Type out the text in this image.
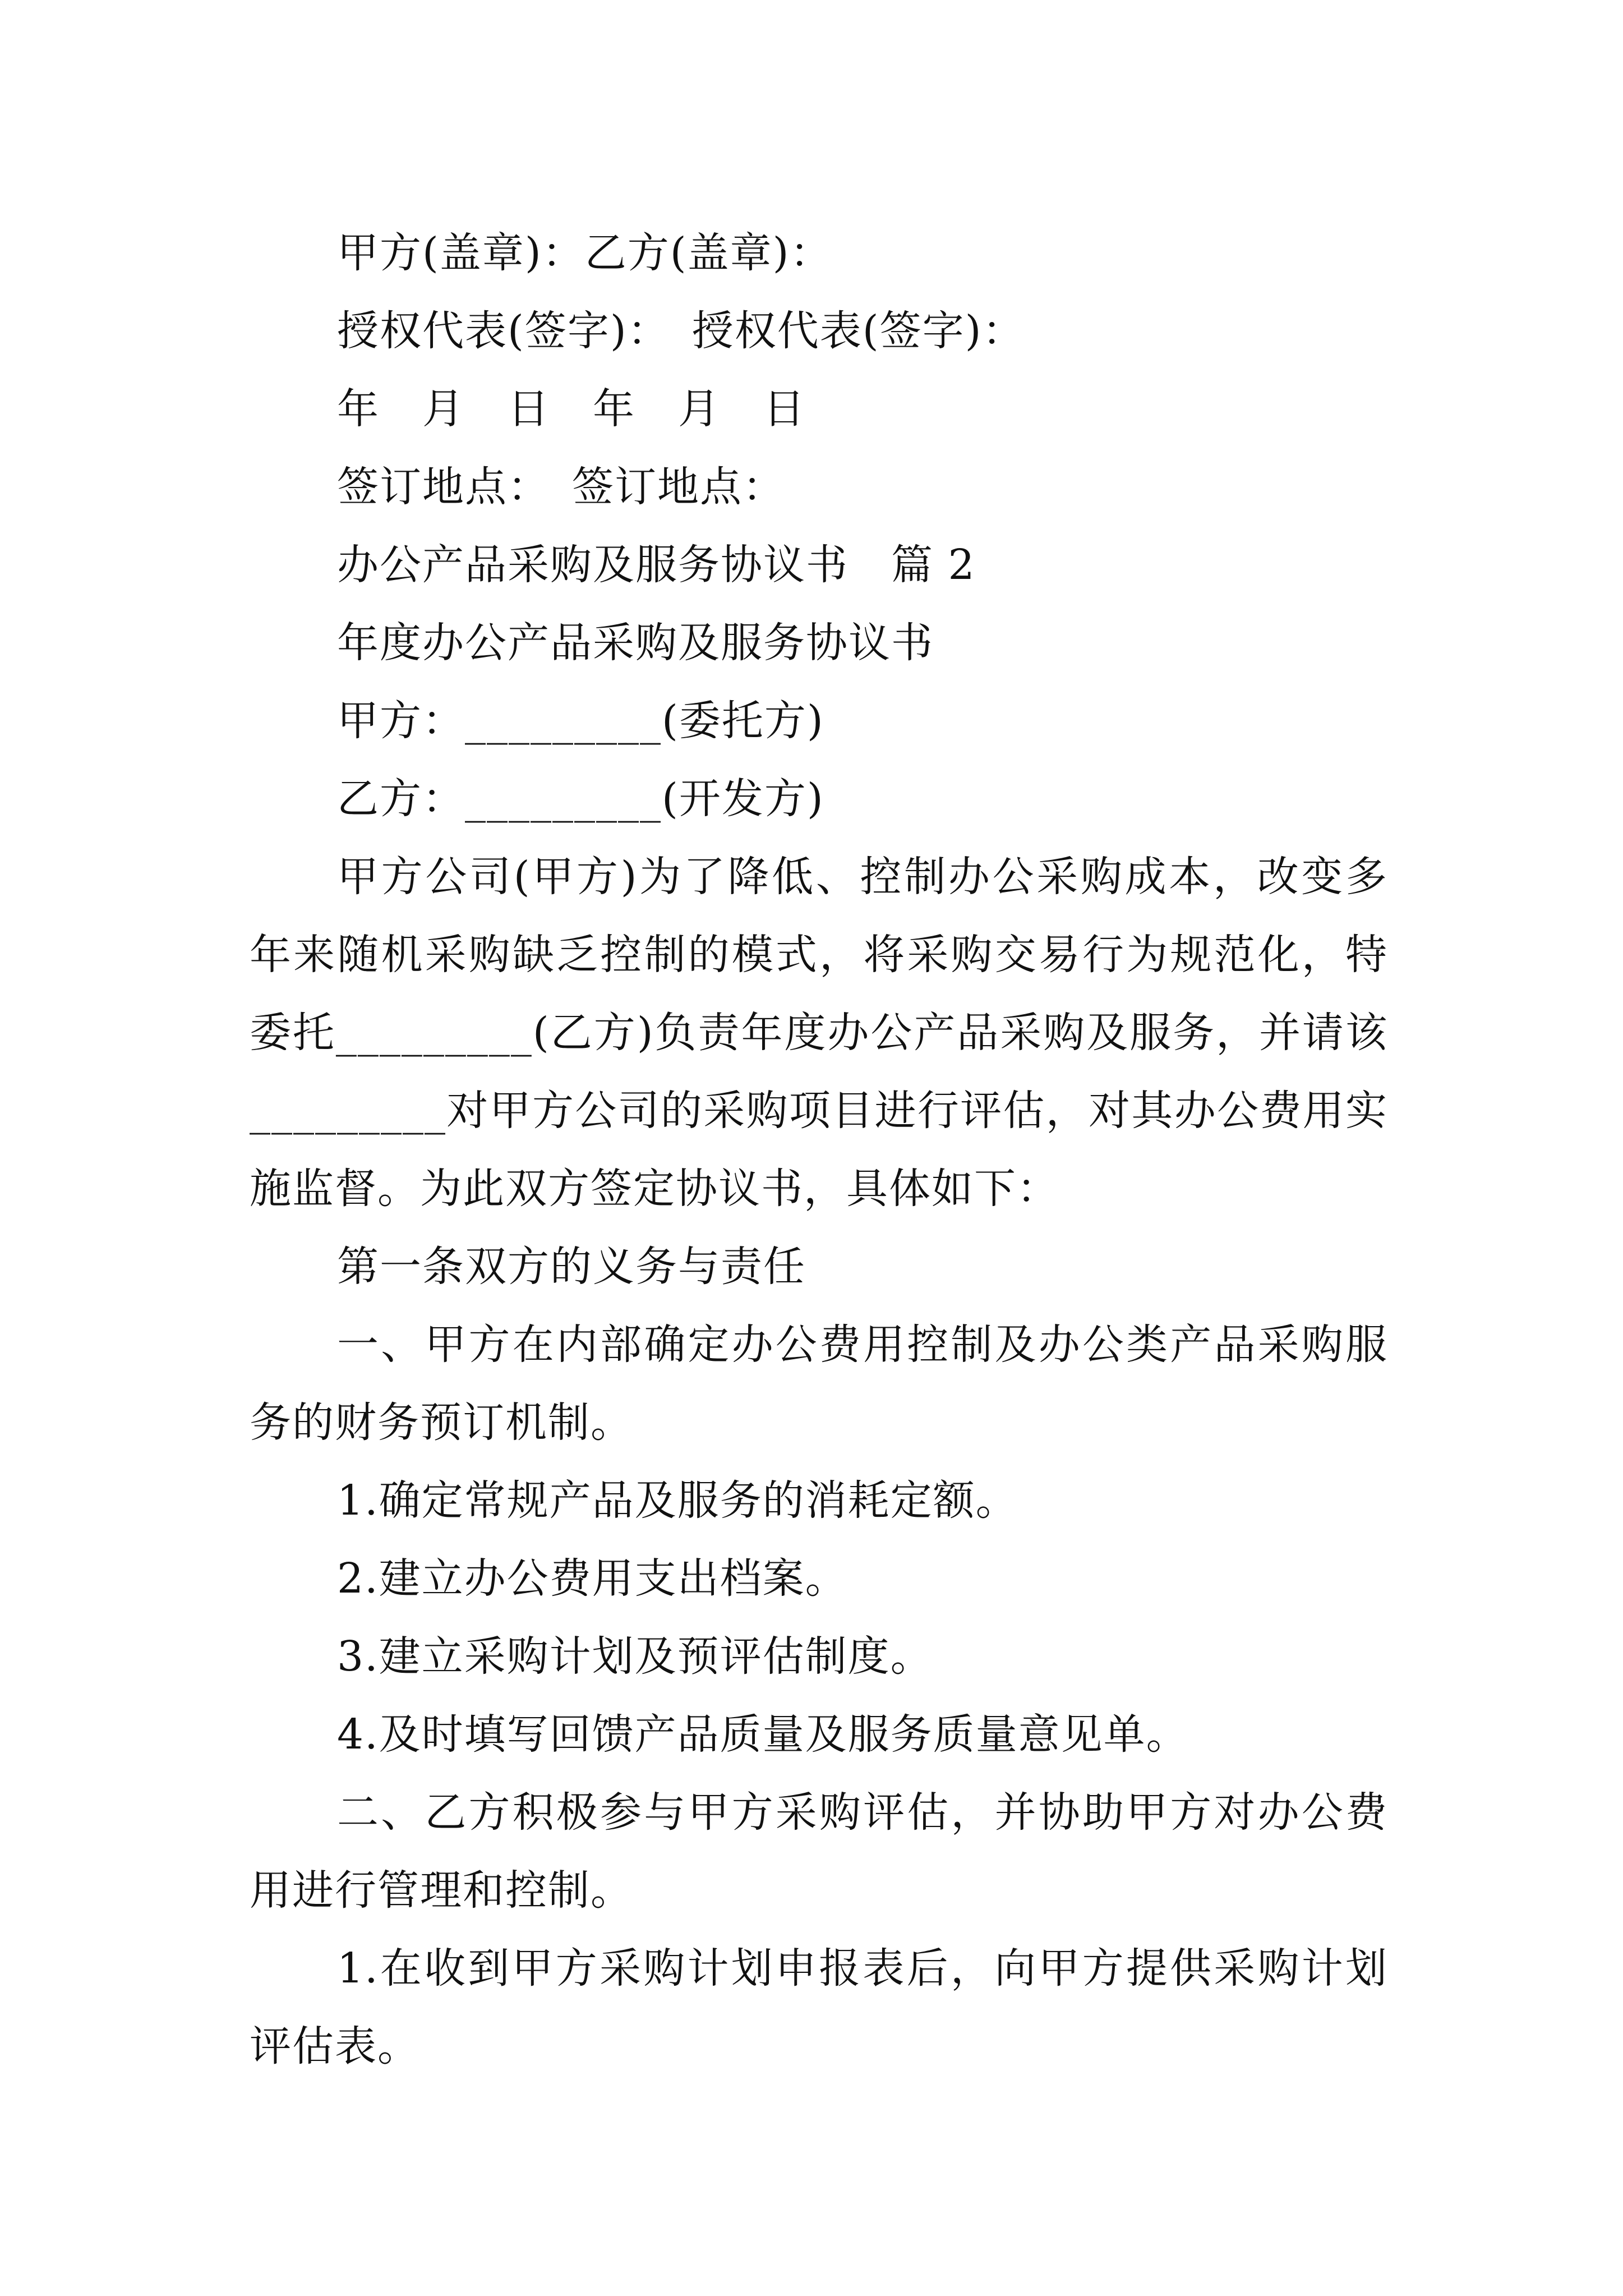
甲方(盖章)：乙方(盖章)：
授权代表(签字)：　授权代表(签字)：
年　月　日　年　月　日
签订地点：　签订地点：
办公产品采购及服务协议书　篇 2
年度办公产品采购及服务协议书
甲方：_________(委托方)
乙方：_________(开发方)
甲方公司(甲方)为了降低、控制办公采购成本，改变多年来随机采购缺乏控制的模式，将采购交易行为规范化，特委托_________(乙方)负责年度办公产品采购及服务，并请该_________对甲方公司的采购项目进行评估，对其办公费用实施监督。为此双方签定协议书，具体如下：
第一条双方的义务与责任
一、甲方在内部确定办公费用控制及办公类产品采购服务的财务预订机制。
1.确定常规产品及服务的消耗定额。
2.建立办公费用支出档案。
3.建立采购计划及预评估制度。
4.及时填写回馈产品质量及服务质量意见单。
二、乙方积极参与甲方采购评估，并协助甲方对办公费用进行管理和控制。
1.在收到甲方采购计划申报表后，向甲方提供采购计划评估表。
